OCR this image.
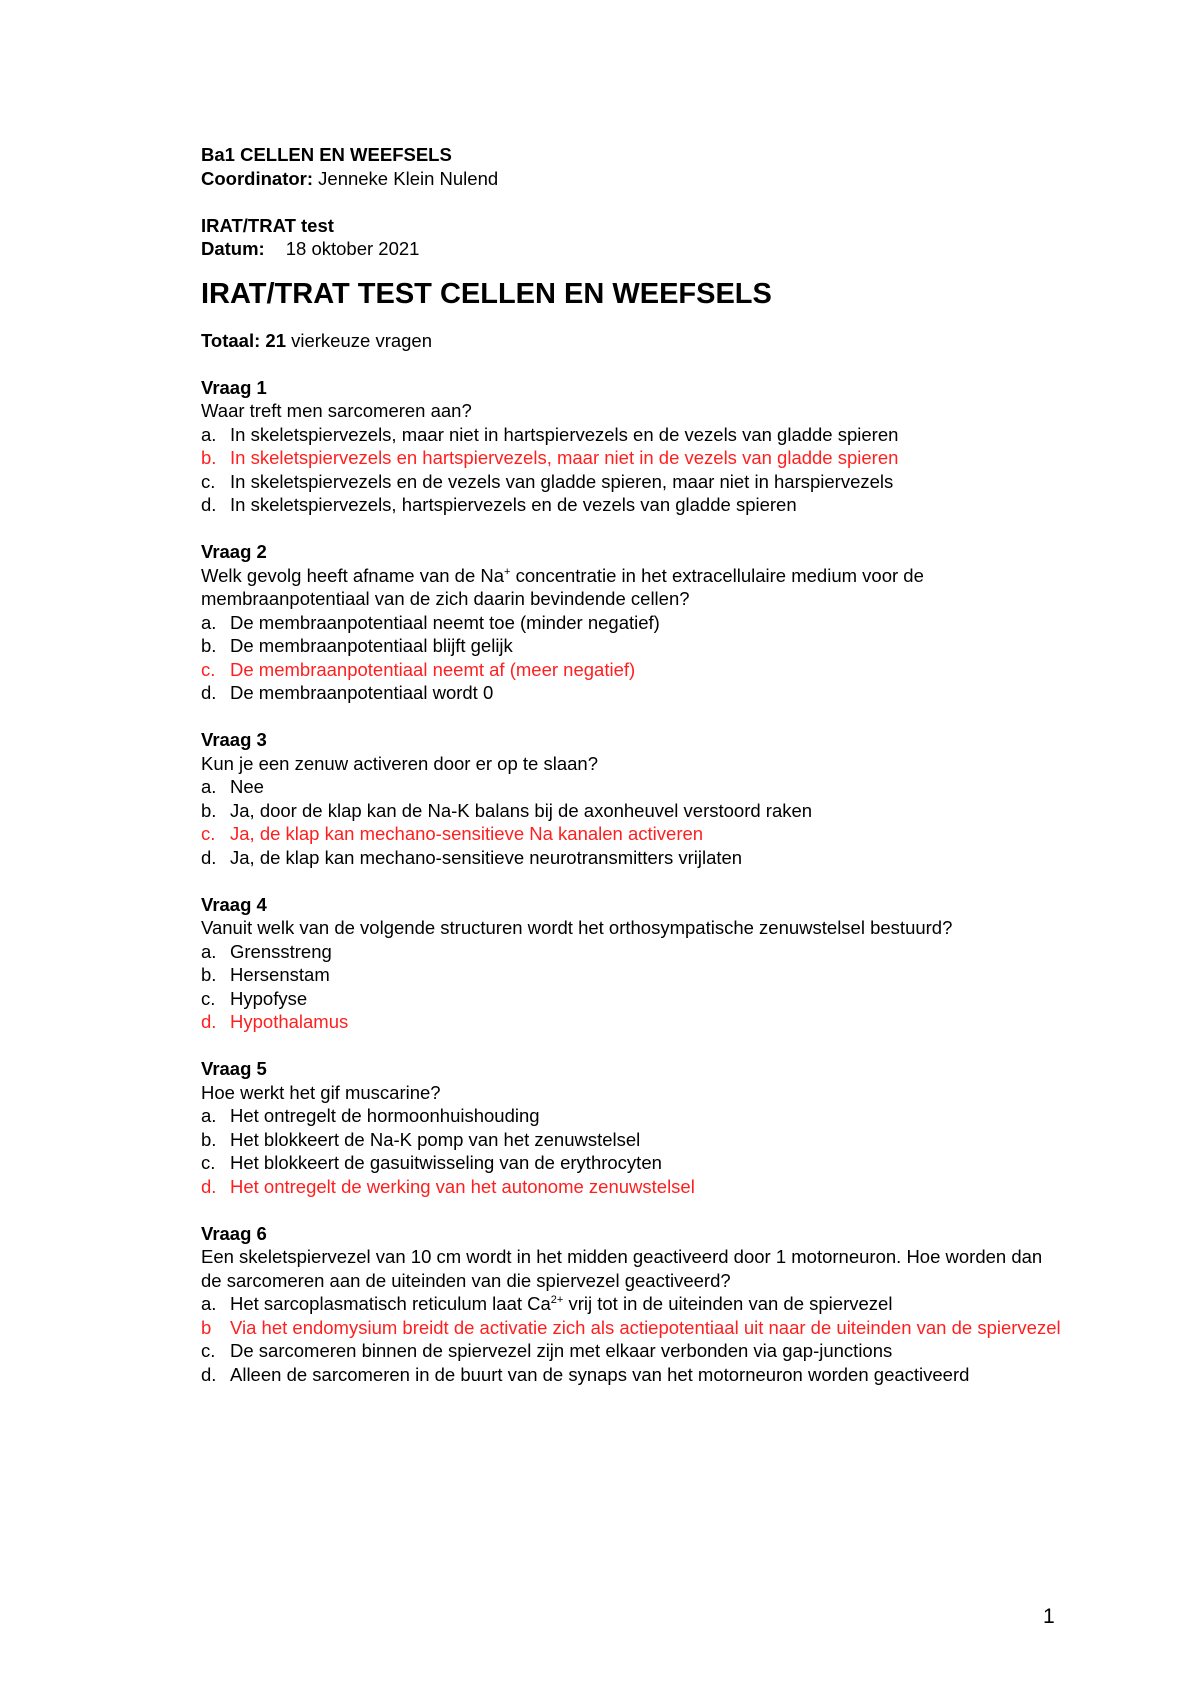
Ba1 CELLEN EN WEEFSELS
Coordinator: Jenneke Klein Nulend
IRAT/TRAT test
Datum: 18 oktober 2021
IRAT/TRAT TEST CELLEN EN WEEFSELS
Totaal: 21 vierkeuze vragen
Vraag 1
Waar treft men sarcomeren aan?
a. In skeletspiervezels, maar niet in hartspiervezels en de vezels van gladde spieren
b. In skeletspiervezels en hartspiervezels, maar niet in de vezels van gladde spieren
c. In skeletspiervezels en de vezels van gladde spieren, maar niet in harspiervezels
d. In skeletspiervezels, hartspiervezels en de vezels van gladde spieren
Vraag 2
Welk gevolg heeft afname van de Na+ concentratie in het extracellulaire medium voor de membraanpotentiaal van de zich daarin bevindende cellen?
a. De membraanpotentiaal neemt toe (minder negatief)
b. De membraanpotentiaal blijft gelijk
c. De membraanpotentiaal neemt af (meer negatief)
d. De membraanpotentiaal wordt 0
Vraag 3
Kun je een zenuw activeren door er op te slaan?
a. Nee
b. Ja, door de klap kan de Na-K balans bij de axonheuvel verstoord raken
c. Ja, de klap kan mechano-sensitieve Na kanalen activeren
d. Ja, de klap kan mechano-sensitieve neurotransmitters vrijlaten
Vraag 4
Vanuit welk van de volgende structuren wordt het orthosympatische zenuwstelsel bestuurd?
a. Grensstreng
b. Hersenstam
c. Hypofyse
d. Hypothalamus
Vraag 5
Hoe werkt het gif muscarine?
a. Het ontregelt de hormoonhuishouding
b. Het blokkeert de Na-K pomp van het zenuwstelsel
c. Het blokkeert de gasuitwisseling van de erythrocyten
d. Het ontregelt de werking van het autonome zenuwstelsel
Vraag 6
Een skeletspiervezel van 10 cm wordt in het midden geactiveerd door 1 motorneuron. Hoe worden dan de sarcomeren aan de uiteinden van die spiervezel geactiveerd?
a. Het sarcoplasmatisch reticulum laat $Ca^{2+}$ vrij tot in de uiteinden van de spiervezel
b	Via het endomysium breidt de activatie zich als actiepotentiaal uit naar de uiteinden van de spiervezel
c. De sarcomeren binnen de spiervezel zijn met elkaar verbonden via gap-junctions
d. Alleen de sarcomeren in de buurt van de synaps van het motorneuron worden geactiveerd
1
